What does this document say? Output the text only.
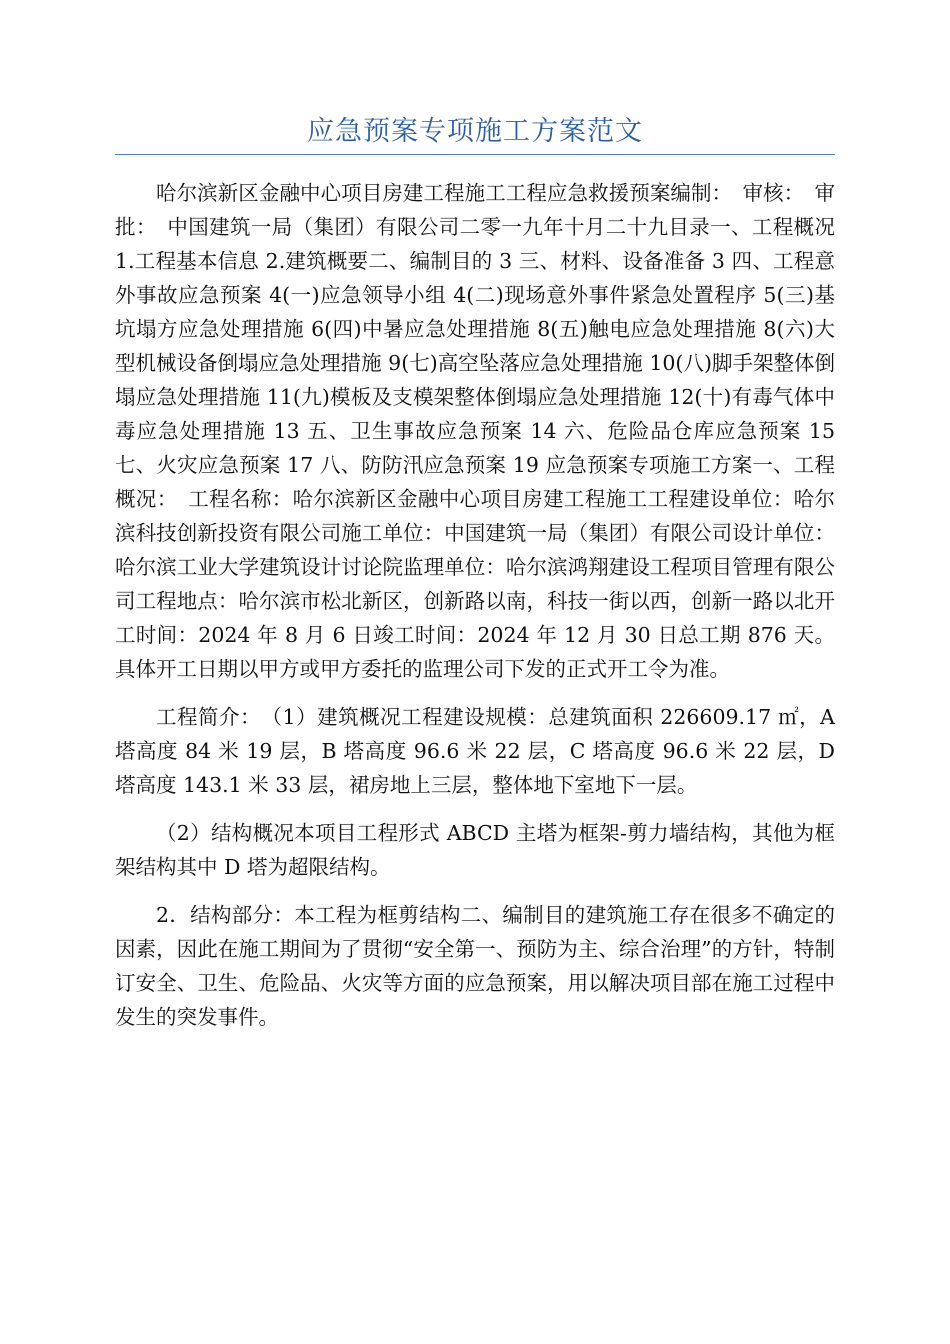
应急预案专项施工方案范文

哈尔滨新区金融中心项目房建工程施工工程应急救援预案编制：　审核：　审批：　中国建筑一局（集团）有限公司二零一九年十月二十九目录一、工程概况 1.工程基本信息 2.建筑概要二、编制目的 3 三、材料、设备准备 3 四、工程意外事故应急预案 4(一)应急领导小组 4(二)现场意外事件紧急处置程序 5(三)基坑塌方应急处理措施 6(四)中暑应急处理措施 8(五)触电应急处理措施 8(六)大型机械设备倒塌应急处理措施 9(七)高空坠落应急处理措施 10(八)脚手架整体倒塌应急处理措施 11(九)模板及支模架整体倒塌应急处理措施 12(十)有毒气体中毒应急处理措施 13 五、卫生事故应急预案 14 六、危险品仓库应急预案 15 七、火灾应急预案 17 八、防防汛应急预案 19 应急预案专项施工方案一、工程概况：　工程名称：哈尔滨新区金融中心项目房建工程施工工程建设单位：哈尔滨科技创新投资有限公司施工单位：中国建筑一局（集团）有限公司设计单位：哈尔滨工业大学建筑设计讨论院监理单位：哈尔滨鸿翔建设工程项目管理有限公司工程地点：哈尔滨市松北新区，创新路以南，科技一街以西，创新一路以北开工时间：2024 年 8 月 6 日竣工时间：2024 年 12 月 30 日总工期 876 天。具体开工日期以甲方或甲方委托的监理公司下发的正式开工令为准。

工程简介：　（1）建筑概况工程建设规模：总建筑面积 226609.17 ㎡，A 塔高度 84 米 19 层，B 塔高度 96.6 米 22 层，C 塔高度 96.6 米 22 层，D 塔高度 143.1 米 33 层，裙房地上三层，整体地下室地下一层。

（2）结构概况本项目工程形式 ABCD 主塔为框架-剪力墙结构，其他为框架结构其中 D 塔为超限结构。

2．结构部分：本工程为框剪结构二、编制目的建筑施工存在很多不确定的因素，因此在施工期间为了贯彻“安全第一、预防为主、综合治理”的方针，特制订安全、卫生、危险品、火灾等方面的应急预案，用以解决项目部在施工过程中发生的突发事件。
